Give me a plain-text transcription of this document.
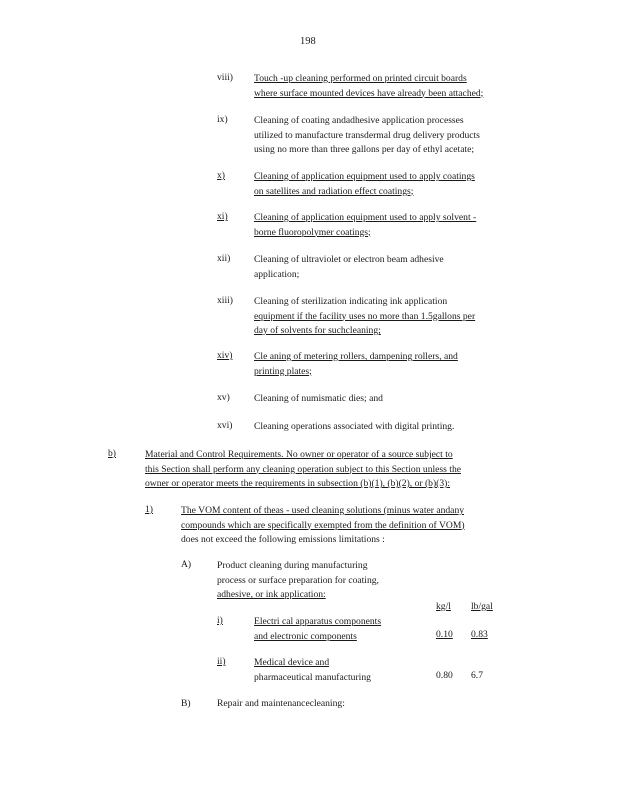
198
viii)	Touch -up cleaning performed on printed circuit boards
where surface mounted devices have already been attached;
ix)	Cleaning of coating andadhesive application processes
utilized to manufacture transdermal drug delivery products
using no more than three gallons per day of ethyl acetate;
x)	Cleaning of application equipment used to apply coatings
on satellites and radiation effect coatings;
xi)	Cleaning of application equipment used to apply solvent -
borne fluoropolymer coatings;
xii)	Cleaning of ultraviolet or electron beam adhesive
application;
xiii)	Cleaning of sterilization indicating ink application
equipment if the facility uses no more than 1.5gallons per
day of solvents for suchcleaning;
xiv)	Cle aning of metering rollers, dampening rollers, and
printing plates;
xv)	Cleaning of numismatic dies; and
xvi)	Cleaning operations associated with digital printing.
b)	Material and Control Requirements. No owner or operator of a source subject to
this Section shall perform any cleaning operation subject to this Section unless the
owner or operator meets the requirements in subsection (b)(1), (b)(2), or (b)(3):
1)	The VOM content of theas - used cleaning solutions (minus water andany
compounds which are specifically exempted from the definition of VOM)
does not exceed the following emissions limitations :
A)	Product cleaning during manufacturing
process or surface preparation for coating,
adhesive, or ink application:
kg/l lb/gal
i)	Electri cal apparatus components
and electronic components	0.10 0.83
ii)	Medical device and
pharmaceutical manufacturing	0.80 6.7
B)	Repair and maintenancecleaning:
